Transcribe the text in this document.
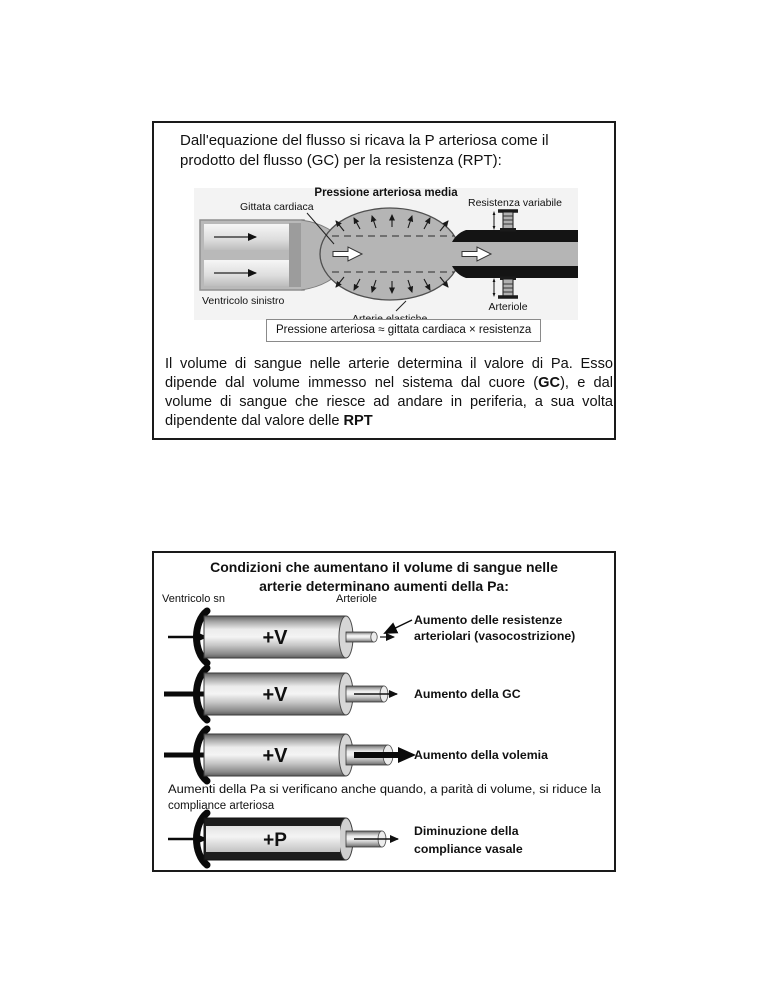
Dall'equazione del flusso si ricava la P arteriosa come il prodotto del flusso (GC) per la resistenza (RPT):

Pressione arteriosa media
Gittata cardiaca	Resistenza variabile
Ventricolo sinistro	Arteriole
Pressione arteriosa ≈ gittata cardiaca × resistenza

Il volume di sangue nelle arterie determina il valore di Pa. Esso dipende dal volume immesso nel sistema dal cuore (GC), e dal volume di sangue che riesce ad andare in periferia, a sua volta dipendente dal valore delle RPT

Condizioni che aumentano il volume di sangue nelle
arterie determinano aumenti della Pa:
Ventricolo sn	Arteriole
+V
Aumento delle resistenze
arteriolari (vasocostrizione)
+V	Aumento della GC
+V	Aumento della volemia
Aumenti della Pa si verificano anche quando, a parità di volume, si riduce la
compliance arteriosa
+P	Diminuzione della
compliance vasale
